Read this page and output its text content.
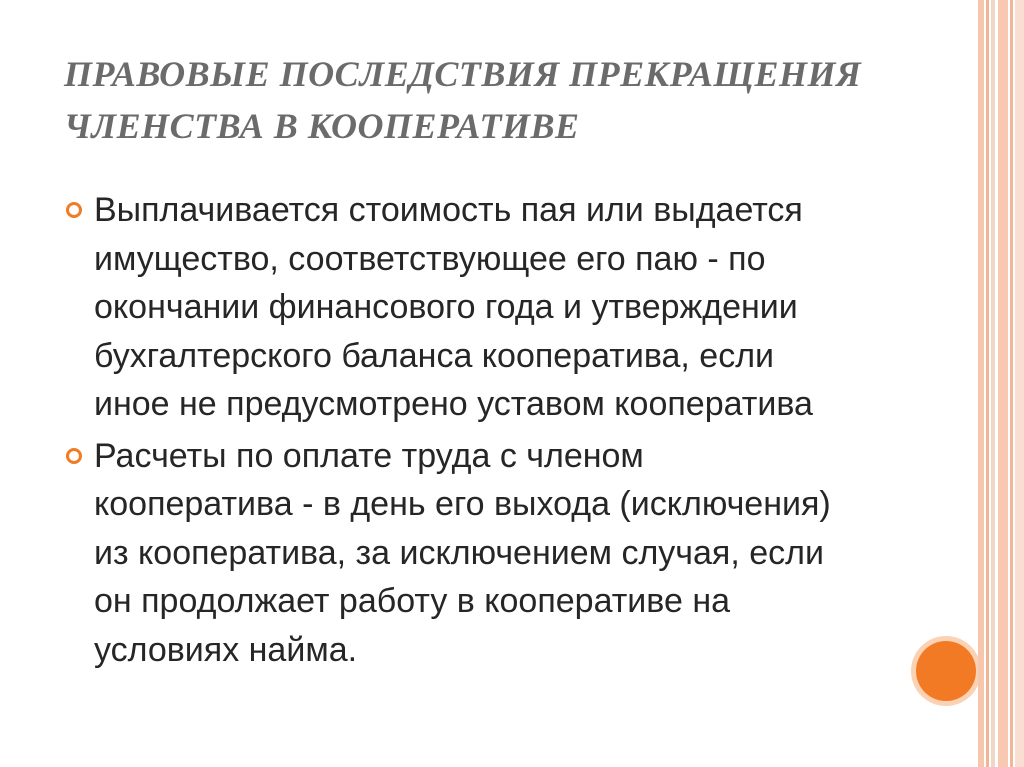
ПРАВОВЫЕ ПОСЛЕДСТВИЯ ПРЕКРАЩЕНИЯ
ЧЛЕНСТВА В КООПЕРАТИВЕ
Выплачивается стоимость пая или выдается
имущество, соответствующее его паю - по
окончании финансового года и утверждении
бухгалтерского баланса кооператива, если
иное не предусмотрено уставом кооператива
Расчеты по оплате труда с членом
кооператива - в день его выхода (исключения)
из кооператива, за исключением случая, если
он продолжает работу в кооперативе на
условиях найма.
